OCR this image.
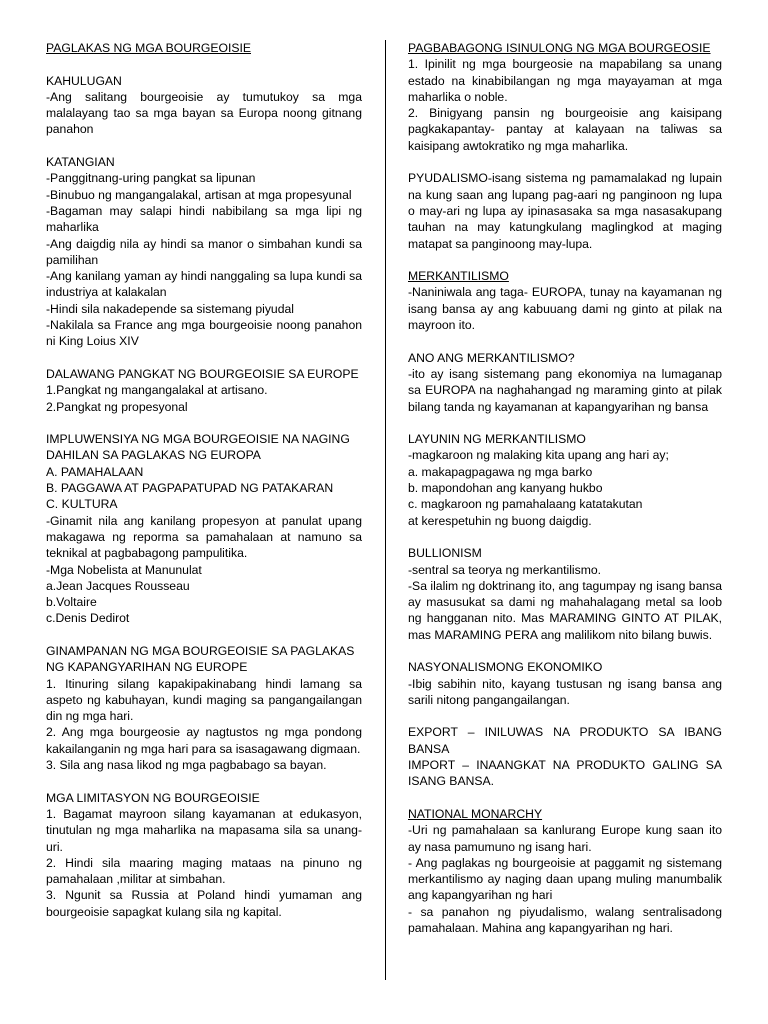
PAGLAKAS NG MGA BOURGEOISIE

KAHULUGAN

-Ang salitang bourgeoisie ay tumutukoy sa mga malalayang tao sa mga bayan sa Europa noong gitnang panahon

KATANGIAN

-Panggitnang-uring pangkat sa lipunan

-Binubuo ng mangangalakal, artisan at mga propesyunal

-Bagaman may salapi hindi nabibilang sa mga lipi ng maharlika

-Ang daigdig nila ay hindi sa manor o simbahan kundi sa pamilihan

-Ang kanilang yaman ay hindi nanggaling sa lupa kundi sa industriya at kalakalan

-Hindi sila nakadepende sa sistemang piyudal

-Nakilala sa France ang mga bourgeoisie noong panahon ni King Loius XIV

DALAWANG PANGKAT NG BOURGEOISIE SA EUROPE

1.Pangkat ng mangangalakal at artisano.

2.Pangkat ng propesyonal

IMPLUWENSIYA NG MGA BOURGEOISIE NA NAGING DAHILAN SA PAGLAKAS NG EUROPA

A. PAMAHALAAN

B. PAGGAWA AT PAGPAPATUPAD NG PATAKARAN

C. KULTURA

-Ginamit nila ang kanilang propesyon at panulat upang makagawa ng reporma sa pamahalaan at namuno sa teknikal at pagbabagong pampulitika.

-Mga Nobelista at Manunulat

a.Jean Jacques Rousseau

b.Voltaire

c.Denis Dedirot

GINAMPANAN NG MGA BOURGEOISIE SA PAGLAKAS NG KAPANGYARIHAN NG EUROPE

1. Itinuring silang kapakipakinabang hindi lamang sa aspeto ng kabuhayan, kundi maging sa pangangailangan din ng mga hari.

2. Ang mga bourgeosie ay nagtustos ng mga pondong kakailanganin ng mga hari para sa isasagawang digmaan.

3. Sila ang nasa likod ng mga pagbabago sa bayan.

MGA LIMITASYON NG BOURGEOISIE

1. Bagamat mayroon silang kayamanan at edukasyon, tinutulan ng mga maharlika na mapasama sila sa unang-uri.

2. Hindi sila maaring maging mataas na pinuno ng pamahalaan ,militar at simbahan.

3. Ngunit sa Russia at Poland hindi yumaman ang bourgeoisie sapagkat kulang sila ng kapital.

PAGBABAGONG ISINULONG NG MGA BOURGEOSIE

1. Ipinilit ng mga bourgeosie na mapabilang sa unang estado na kinabibilangan ng mga mayayaman at mga maharlika o noble.

2. Binigyang pansin ng bourgeoisie ang kaisipang pagkakapantay- pantay at kalayaan na taliwas sa kaisipang awtokratiko ng mga maharlika.

PYUDALISMO-isang sistema ng pamamalakad ng lupain na kung saan ang lupang pag-aari ng panginoon ng lupa o may-ari ng lupa ay ipinasasaka sa mga nasasakupang tauhan na may katungkulang maglingkod at maging matapat sa panginoong may-lupa.

MERKANTILISMO

-Naniniwala ang taga- EUROPA, tunay na kayamanan ng isang bansa ay ang kabuuang dami ng ginto at pilak na mayroon ito.

ANO ANG MERKANTILISMO?

-ito ay isang sistemang pang ekonomiya na lumaganap sa EUROPA na naghahangad ng maraming ginto at pilak bilang tanda ng kayamanan at kapangyarihan ng bansa

LAYUNIN NG MERKANTILISMO

-magkaroon ng malaking kita upang ang hari ay;

a. makapagpagawa ng mga barko

b. mapondohan ang kanyang hukbo

c. magkaroon ng pamahalaang katatakutan

at kerespetuhin ng buong daigdig.

BULLIONISM

-sentral sa teorya ng merkantilismo.

-Sa ilalim ng doktrinang ito, ang tagumpay ng isang bansa ay masusukat sa dami ng mahahalagang metal sa loob ng hangganan nito. Mas MARAMING GINTO AT PILAK, mas MARAMING PERA ang malilikom nito bilang buwis.

NASYONALISMONG EKONOMIKO

-Ibig sabihin nito, kayang tustusan ng isang bansa ang sarili nitong pangangailangan.

EXPORT – INILUWAS NA PRODUKTO SA IBANG BANSA

IMPORT – INAANGKAT NA PRODUKTO GALING SA ISANG BANSA.

NATIONAL MONARCHY

-Uri ng pamahalaan sa kanlurang Europe kung saan ito ay nasa pamumuno ng isang hari.

- Ang paglakas ng bourgeoisie at paggamit ng sistemang merkantilismo ay naging daan upang muling manumbalik ang kapangyarihan ng hari

- sa panahon ng piyudalismo, walang sentralisadong pamahalaan. Mahina ang kapangyarihan ng hari.
